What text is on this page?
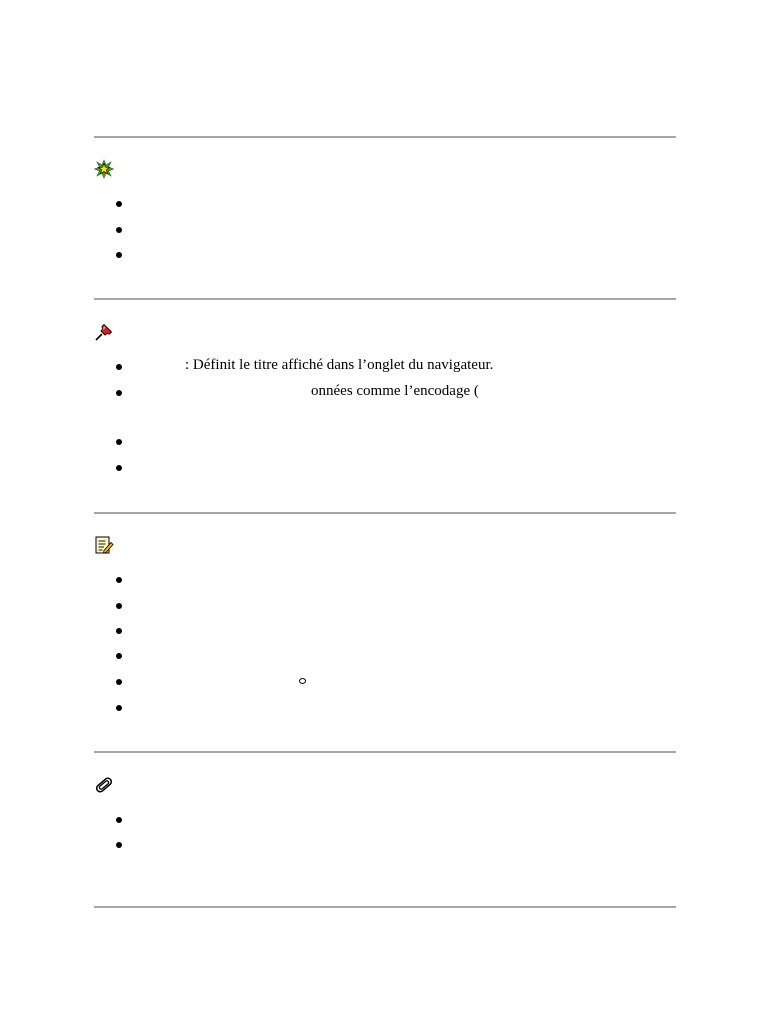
: Définit le titre affiché dans l’onglet du navigateur.
onnées comme l’encodage (
